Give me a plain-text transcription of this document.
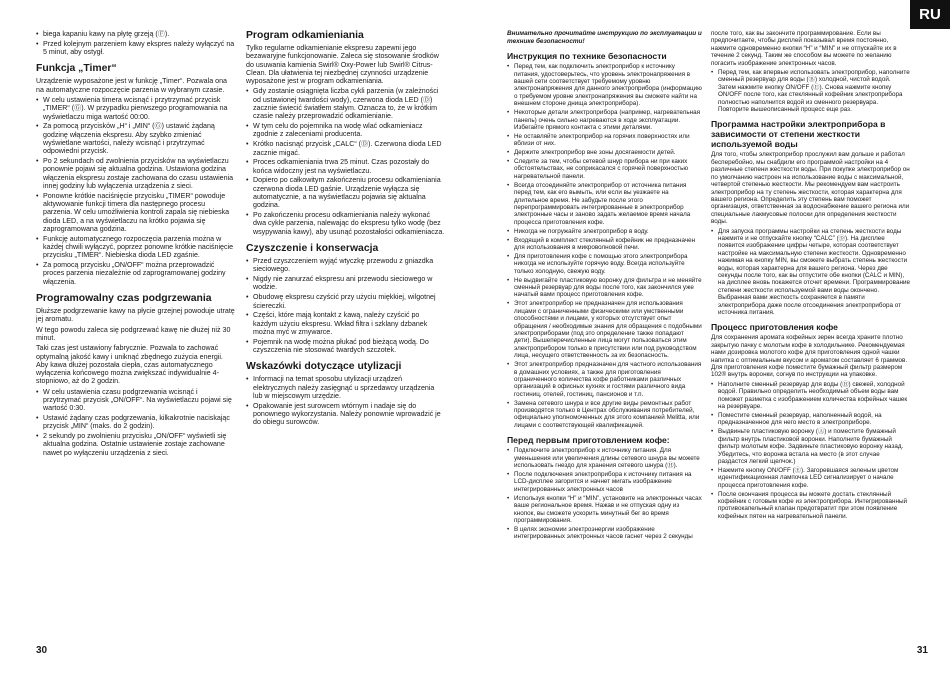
RU
• biega kapaniu kawy na płytę grzeją (Ⓕ).
• Przed kolejnym parzeniem kawy ekspres należy wyłączyć na 5 minut, aby ostygł.
Funkcja „Timer“

Urządzenie wyposażone jest w funkcję „Timer“. Pozwala ona na automatyczne rozpoczęcie parzenia w wybranym czasie.

• W celu ustawienia timera wcisnąć i przytrzymać przycisk „TIMER“ (Ⓖ). W przypadku pierwszego programowania na wyświetlaczu miga wartość 00:00.
• Za pomocą przycisków „H“ i „MIN“ (Ⓖ) ustawić żądaną godzinę włączenia ekspresu. Aby szybko zmieniać wyświetlane wartości, należy wcisnąć i przytrzymać odpowiedni przycisk.
• Po 2 sekundach od zwolnienia przycisków na wyświetlaczu ponownie pojawi się aktualna godzina. Ustawiona godzina włączenia ekspresu zostaje zachowana do czasu ustawienia innej godziny lub wyłączenia urządzenia z sieci.
• Ponowne krótkie naciśnięcie przycisku „TIMER“ powoduje aktywowanie funkcji timera dla następnego procesu parzenia. W celu umożliwienia kontroli zapala się niebieska dioda LED, a na wyświetlaczu na krótko pojawia się zaprogramowana godzina.
• Funkcję automatycznego rozpoczęcia parzenia można w każdej chwili wyłączyć, poprzez ponowne krótkie naciśnięcie przycisku „TIMER“. Niebieska dioda LED zgaśnie.
• Za pomocą przycisku „ON/OFF“ można przeprowadzić proces parzenia niezależnie od zaprogramowanej godziny włączenia.
Programowalny czas podgrzewania

Dłuższe podgrzewanie kawy na płycie grzejnej powoduje utratę jej aromatu.

W tego powodu zaleca się podgrzewać kawę nie dłużej niż 30 minut.

Taki czas jest ustawiony fabrycznie. Pozwala to zachować optymalną jakość kawy i uniknąć zbędnego zużycia energii. Aby kawa dłużej pozostała ciepła, czas automatycznego wyłączenia końcowego można zwiększać indywidualnie 4-stopniowo, aż do 2 godzin.

• W celu ustawienia czasu podgrzewania wcisnąć i przytrzymać przycisk „ON/OFF“. Na wyświetlaczu pojawi się wartość 0:30.
• Ustawić żądany czas podgrzewania, kilkakrotnie naciskając przycisk „MIN“ (maks. do 2 godzin).
• 2 sekundy po zwolnieniu przycisku „ON/OFF“ wyświetli się aktualna godzina. Ostatnie ustawienie zostaje zachowane nawet po wyłączeniu urządzenia z sieci.
Program odkamieniania

Tylko regularne odkamienianie ekspresu zapewni jego bezawaryjne funkcjonowanie. Zaleca się stosowanie środków do usuwania kamienia Swirl® Oxy-Power lub Swirl® Citrus-Clean. Dla ułatwienia tej niezbędnej czynności urządzenie wyposażone jest w program odkamieniania.

• Gdy zostanie osiągnięta liczba cykli parzenia (w zależności od ustawionej twardości wody), czerwona dioda LED (Ⓓ) zacznie świecić światłem stałym. Oznacza to, że w krótkim czasie należy przeprowadzić odkamienianie.
• W tym celu do pojemnika na wodę wlać odkamieniacz zgodnie z zaleceniami producenta.
• Krótko nacisnąć przycisk „CALC“ (Ⓓ). Czerwona dioda LED zacznie migać.
• Proces odkamieniania trwa 25 minut. Czas pozostały do końca widoczny jest na wyświetlaczu.
• Dopiero po całkowitym zakończeniu procesu odkamieniania czerwona dioda LED gaśnie. Urządzenie wyłącza się automatycznie, a na wyświetlaczu pojawia się aktualna godzina.
• Po zakończeniu procesu odkamieniania należy wykonać dwa cykle parzenia, nalewając do ekspresu tylko wodę (bez wsypywania kawy), aby usunąć pozostałości odkamieniacza.
Czyszczenie i konserwacja
• Przed czyszczeniem wyjąć wtyczkę przewodu z gniazdka sieciowego.
• Nigdy nie zanurzać ekspresu ani przewodu sieciowego w wodzie.
• Obudowę ekspresu czyścić przy użyciu miękkiej, wilgotnej ściereczki.
• Części, które mają kontakt z kawą, należy czyścić po każdym użyciu ekspresu. Wkład filtra i szklany dzbanek można myć w zmywarce.
• Pojemnik na wodę można płukać pod bieżącą wodą. Do czyszczenia nie stosować twardych szczotek.
Wskazówki dotyczące utylizacji
• Informacji na temat sposobu utylizacji urządzeń elektrycznych należy zasięgnąć u sprzedawcy urządzenia lub w miejscowym urzędzie.
• Opakowanie jest surowcem wtórnym i nadaje się do ponownego wykorzystania. Należy ponownie wprowadzić je do obiegu surowców.

Внимательно прочитайте инструкцию по эксплуатации и технике безопасности!

Инструкция по технике безопасности
• Перед тем, как подключить электроприбор к источнику питания, удостоверьтесь, что уровень электронапряжения в вашей сети соответствует требуемому уровню электронапряжения для данного электроприбора (информацию о требуемом уровне электронапряжения вы сможете найти на внешнем стороне днища электроприбора).
• Некоторые детали электроприбора (например, нагревательная панель) очень сильно нагреваются в ходе эксплуатации. Избегайте прямого контакта с этими деталями.
• Не оставляйте электроприбор на горячих поверхностях или вблизи от них.
• Держите электроприбор вне зоны досягаемости детей.
• Следите за тем, чтобы сетевой шнур прибора ни при каких обстоятельствах, не соприкасался с горячей поверхностью нагревательной панели.
• Всегда отсоединяйте электроприбор от источника питания перед тем, как его вымыть, или если вы уезжаете на длительное время. Не забудьте после этого перепрограммировать интегрированные в электроприбор электронные часы и заново задать желаемое время начала процесса приготовления кофе.
• Никогда не погружайте электроприбор в воду.
• Входящий в комплект стеклянный кофейник не предназначен для использования в микроволновой печи.
• Для приготовления кофе с помощью этого электроприбора никогда не используйте горячую воду. Всегда используйте только холодную, свежую воду.
• Не выдвигайте пластиковую воронку для фильтра и не меняйте сменный резервуар для воды после того, как закончился уже начатый вами процесс приготовления кофе.
• Этот электроприбор не предназначен для использования лицами с ограниченными физическими или умственными способностями и лицами, у которых отсутствует опыт обращения / необходимые знания для обращения с подобными электроприборами (под это определение также попадают дети). Вышеперечисленные лица могут пользоваться этим электроприбором только в присутствии или под руководством лица, несущего ответственность за их безопасность.
• Этот электроприбор предназначен для частного использования в домашних условиях, а также для приготовления ограниченного количества кофе работниками различных организаций в офисных кухнях и гостями различного вида гостиниц, отелей, гостиниц, пансионов и т.п.
• Замена сетевого шнура и все другие виды ремонтных работ производятся только в Центрах обслуживания потребителей, официально уполномоченных для этого компанией Melitta, или лицами с соответствующей квалификацией.
Перед первым приготовлением кофе:
• Подключите электроприбор к источнику питания. Для уменьшения или увеличения длины сетевого шнура вы можете использовать гнездо для хранения сетевого шнура (Ⓗ).
• После подключения электроприбора к источнику питания на LCD-дисплее загорится и начнет мигать изображение интегрированных электронных часов
• Используя кнопки “H” и “MIN”, установите на электронных часах ваше региональное время. Нажав и не отпуская одну из кнопок, вы сможете ускорить минутный бег во время программирования.
• В целях экономии электроэнергии изображение интегрированных электронных часов гаснет через 2 секунды

после того, как вы закончите программирование. Если вы предпочитаете, чтобы дисплей показывал время постоянно, нажмите одновременно кнопки “H” и “MIN” и не отпускайте их в течение 2 секунд. Таким же способом вы можете по желанию погасить изображение электронных часов.

• Перед тем, как впервые использовать электроприбор, наполните сменный резервуар для воды (Ⓑ) холодной, чистой водой. Затем нажмите кнопку ON/OFF (Ⓔ). Снова нажмите кнопку ON/OFF после того, как стеклянный кофейник электроприбора полностью наполнится водой из сменного резервуара. Повторите вышеописанный процесс еще раз.
Программа настройки электроприбора в зависимости от степени жесткости используемой воды

Для того, чтобы электроприбор прослужил вам дольше и работал бесперебойно, мы снабдили его программой настройки на 4 различные степени жесткости воды. При покупке электроприбор он по умолчанию настроен на использование воды с максимальной, четвертой степенью жесткости. Мы рекомендуем вам настроить электроприбор на ту степень жесткости, которая характерна для вашего региона. Определить эту степень вам поможет организация, ответственная за водоснабжение вашего региона или специальные лакмусовые полоски для определения жесткости воды.

• Для запуска программы настройки на степень жесткости воды нажмите и не отпускайте кнопку “CALC” (Ⓓ). На дисплее появится изображение цифры четыре, которая соответствует настройке на максимальную степени жесткости. Одновременно нажимая на кнопку MIN, вы сможете выбрать степень жесткости воды, которая характерна для вашего региона. Через две секунды после того, как вы отпустите обе кнопки (CALC и MIN), на дисплее вновь покажется отсчет времени. Программирование степени жесткости используемой вами воды окончено. Выбранная вами жесткость сохраняется в памяти электроприбора даже после отсоединения электроприбора от источника питания.
Процесс приготовления кофе

Для сохранения аромата кофейных зерен всегда храните плотно закрытую пачку с молотым кофе в холодильнике. Рекомендуемая нами дозировка молотого кофе для приготовления одной чашки напитка с оптимальным вкусом и ароматом составляет 6 граммов. Для приготовления кофе поместите бумажный фильтр размером 102® внутрь воронки, согнув по инструкции на упаковке.

• Наполните сменный резервуар для воды (Ⓑ) свежей, холодной водой. Правильно определить необходимый объем воды вам поможет разметка с изображением количества кофейных чашек на резервуаре.
• Поместите сменный резервуар, наполненный водой, на предназначенное для него место в электроприборе.
• Выдвиньте пластиковую воронку (Ⓐ) и поместите бумажный фильтр внутрь пластиковой воронки. Наполните бумажный фильтр молотым кофе. Задвиньте пластиковую воронку назад. Убедитесь, что воронка встала на место (в этот случае раздастся легкий щелчок.)
• Нажмите кнопку ON/OFF (Ⓔ). Загоревшаяся зеленым цветом идентификационная лампочка LED сигнализирует о начале процесса приготовления кофе.
• После окончания процесса вы можете достать стеклянный кофейник с готовым кофе из электроприбора. Интегрированный противокапельный клапан предотвратит при этом появление кофейных пятен на нагревательной панели.
30	31
